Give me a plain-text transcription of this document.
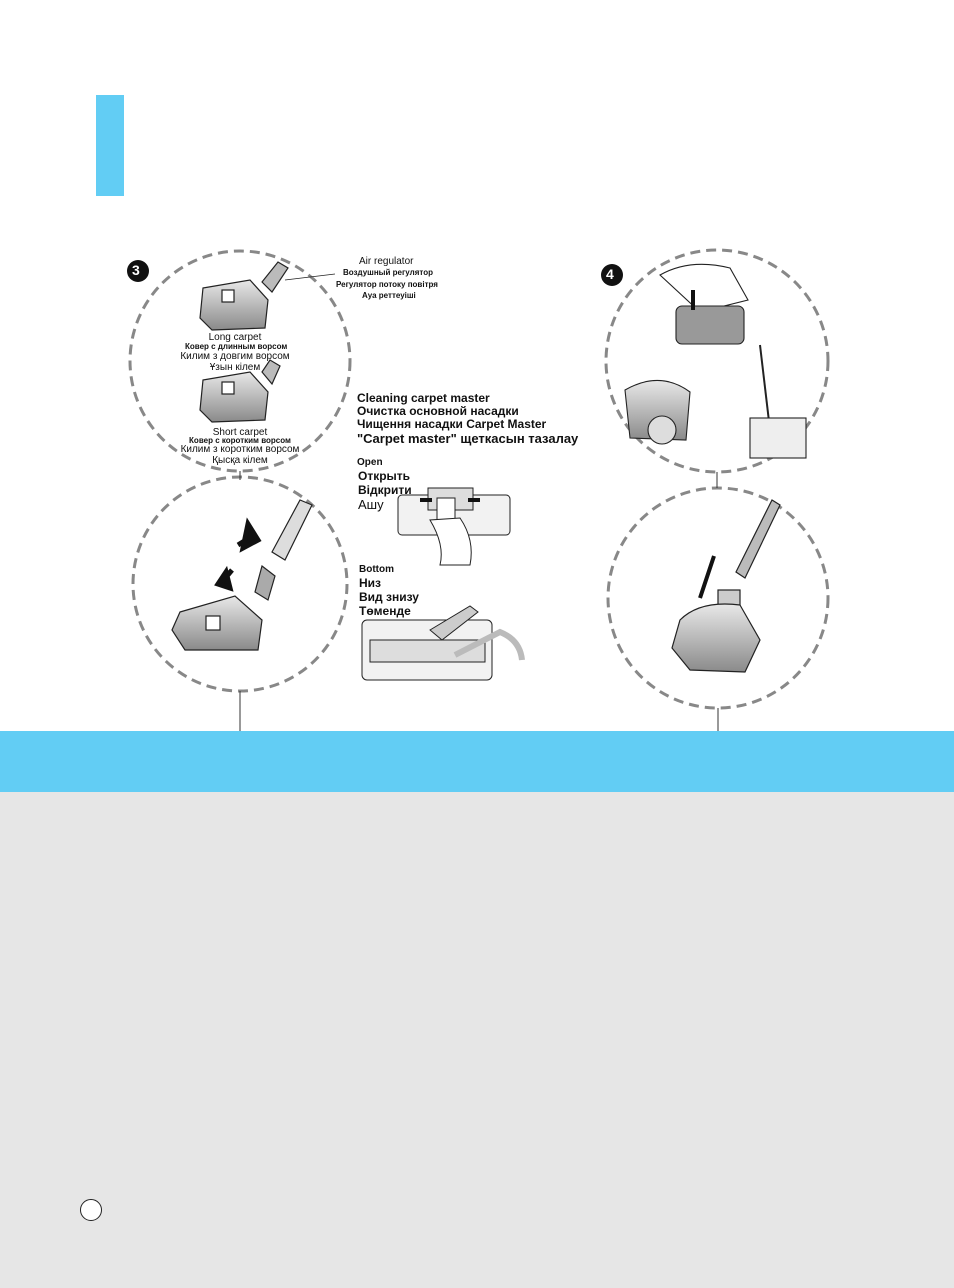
3	4
Air regulator
Воздушный регулятор
Регулятор потоку повітря
Ауа реттеуіші
Long carpet
Ковер с длинным ворсом
Килим з довгим ворсом
Ұзын кілем
Short carpet
Ковер с коротким ворсом
Килим з коротким ворсом
Қысқа кілем
Cleaning carpet master
Очистка основной насадки
Чищення насадки Carpet Master
"Carpet master" щеткасын тазалау
Open
Открыть
Відкрити
Ашу
Bottom
Низ
Вид знизу
Төменде
